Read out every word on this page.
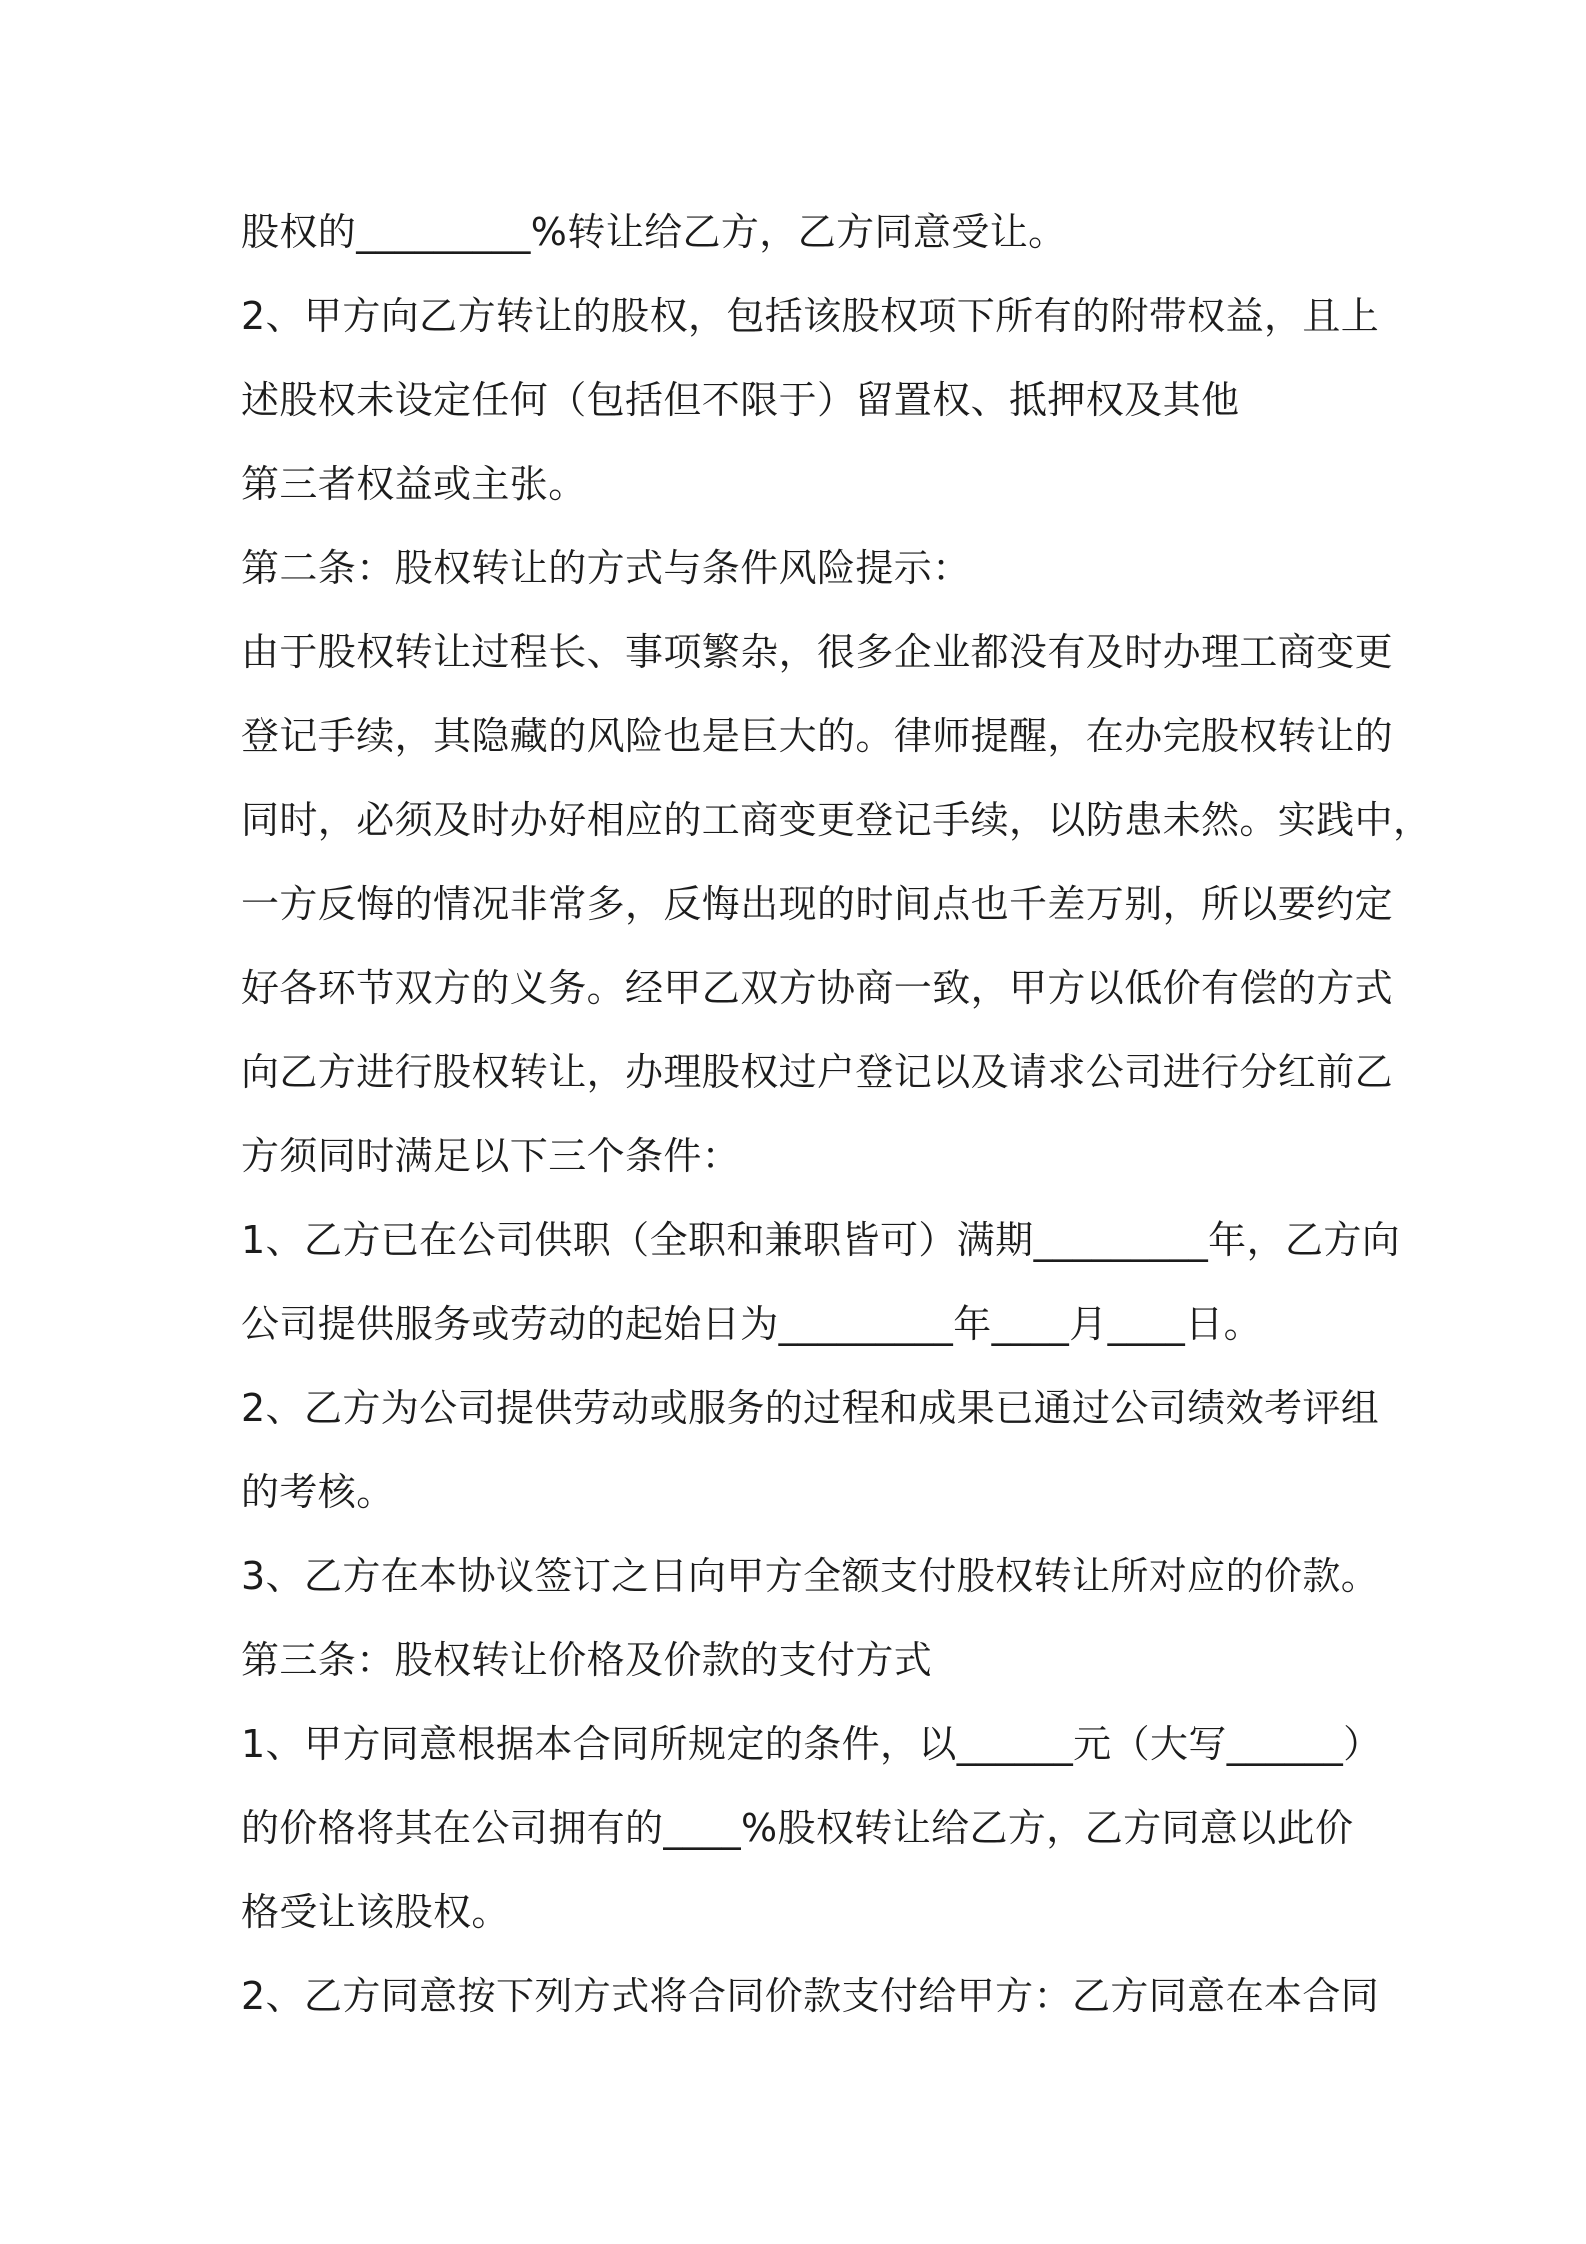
股权的_________%转让给乙方，乙方同意受让。
2、甲方向乙方转让的股权，包括该股权项下所有的附带权益，且上
述股权未设定任何（包括但不限于）留置权、抵押权及其他
第三者权益或主张。
第二条：股权转让的方式与条件风险提示：
由于股权转让过程长、事项繁杂，很多企业都没有及时办理工商变更
登记手续，其隐藏的风险也是巨大的。律师提醒，在办完股权转让的
同时，必须及时办好相应的工商变更登记手续，以防患未然。实践中，
一方反悔的情况非常多，反悔出现的时间点也千差万别，所以要约定
好各环节双方的义务。经甲乙双方协商一致，甲方以低价有偿的方式
向乙方进行股权转让，办理股权过户登记以及请求公司进行分红前乙
方须同时满足以下三个条件：
1、乙方已在公司供职（全职和兼职皆可）满期_________年，乙方向
公司提供服务或劳动的起始日为_________年____月____日。
2、乙方为公司提供劳动或服务的过程和成果已通过公司绩效考评组
的考核。
3、乙方在本协议签订之日向甲方全额支付股权转让所对应的价款。
第三条：股权转让价格及价款的支付方式
1、甲方同意根据本合同所规定的条件，以______元（大写______）
的价格将其在公司拥有的____%股权转让给乙方，乙方同意以此价
格受让该股权。
2、乙方同意按下列方式将合同价款支付给甲方：乙方同意在本合同
